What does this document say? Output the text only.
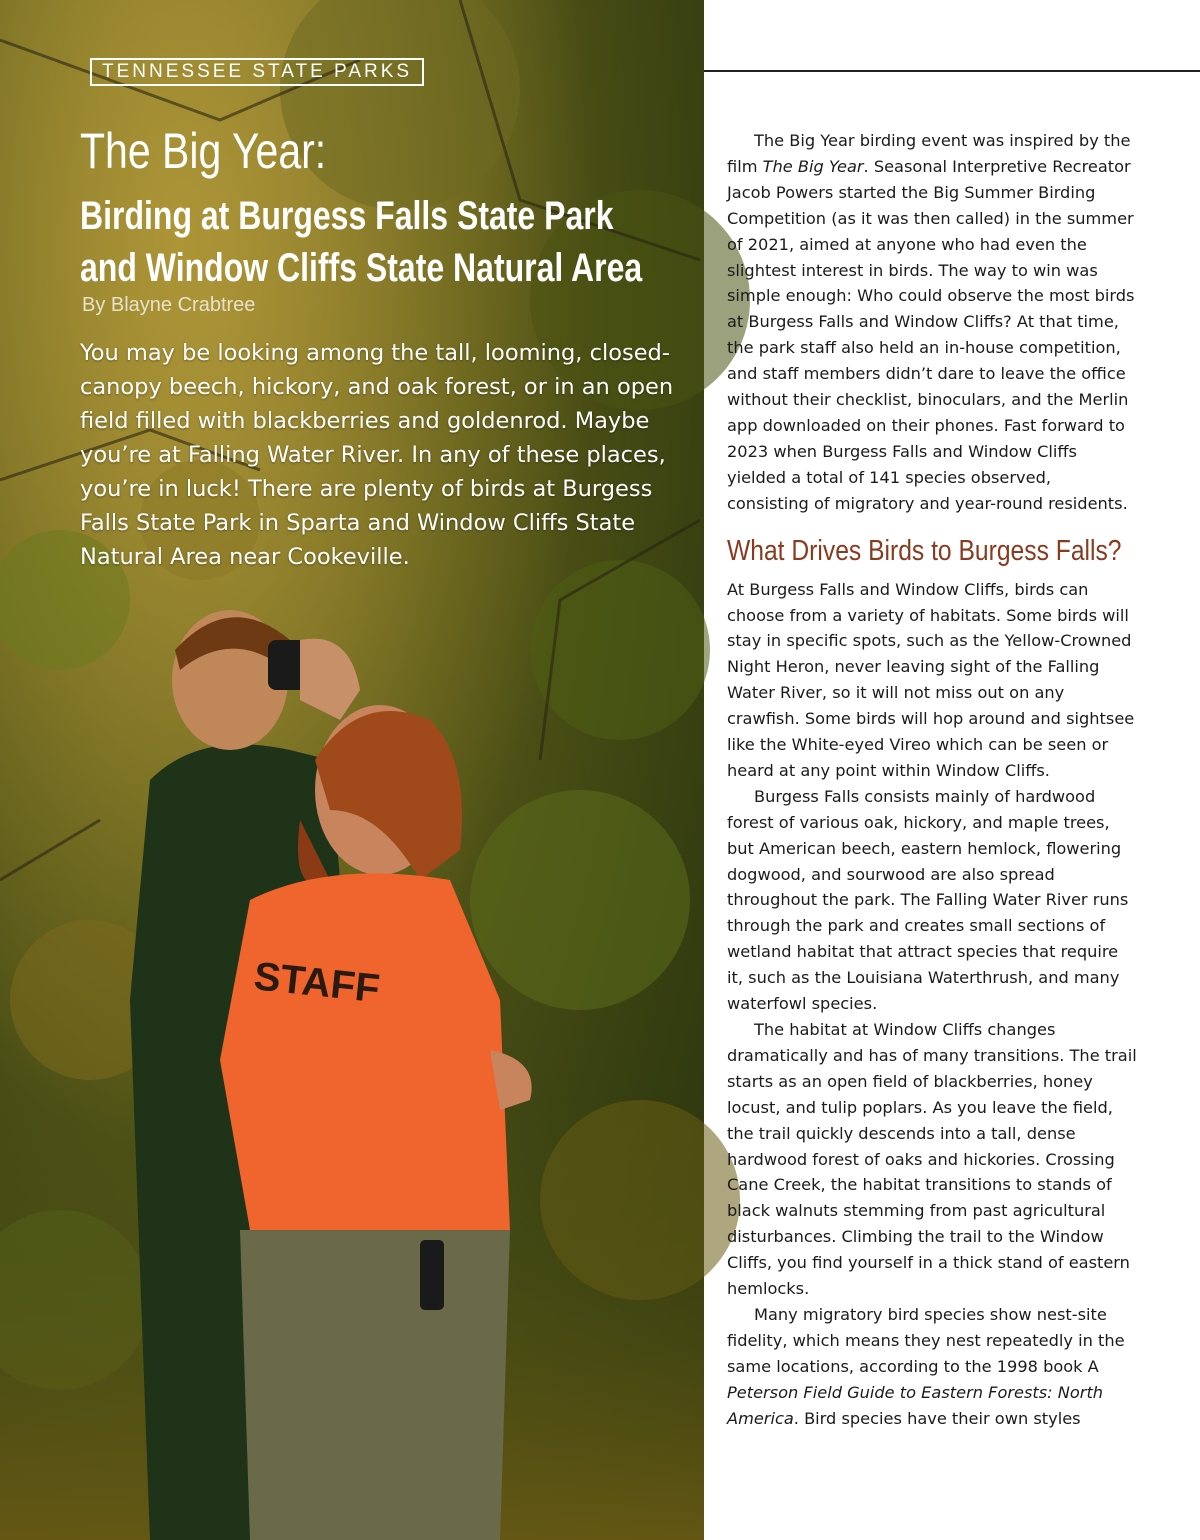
TENNESSEE STATE PARKS
The Big Year:
Birding at Burgess Falls State Park
and Window Cliffs State Natural Area
By Blayne Crabtree

You may be looking among the tall, looming, closed-canopy beech, hickory, and oak forest, or in an open field filled with blackberries and goldenrod. Maybe you’re at Falling Water River. In any of these places, you’re in luck! There are plenty of birds at Burgess Falls State Park in Sparta and Window Cliffs State Natural Area near Cookeville.

STAFF

The Big Year birding event was inspired by the film The Big Year. Seasonal Interpretive Recreator Jacob Powers started the Big Summer Birding Competition (as it was then called) in the summer of 2021, aimed at anyone who had even the slightest interest in birds. The way to win was simple enough: Who could observe the most birds at Burgess Falls and Window Cliffs? At that time, the park staff also held an in-house competition, and staff members didn’t dare to leave the office without their checklist, binoculars, and the Merlin app downloaded on their phones. Fast forward to 2023 when Burgess Falls and Window Cliffs yielded a total of 141 species observed, consisting of migratory and year-round residents.

What Drives Birds to Burgess Falls?

At Burgess Falls and Window Cliffs, birds can choose from a variety of habitats. Some birds will stay in specific spots, such as the Yellow-Crowned Night Heron, never leaving sight of the Falling Water River, so it will not miss out on any crawfish. Some birds will hop around and sightsee like the White-eyed Vireo which can be seen or heard at any point within Window Cliffs.

Burgess Falls consists mainly of hardwood forest of various oak, hickory, and maple trees, but American beech, eastern hemlock, flowering dogwood, and sourwood are also spread throughout the park. The Falling Water River runs through the park and creates small sections of wetland habitat that attract species that require it, such as the Louisiana Waterthrush, and many waterfowl species.

The habitat at Window Cliffs changes dramatically and has of many transitions. The trail starts as an open field of blackberries, honey locust, and tulip poplars. As you leave the field, the trail quickly descends into a tall, dense hardwood forest of oaks and hickories. Crossing Cane Creek, the habitat transitions to stands of black walnuts stemming from past agricultural disturbances. Climbing the trail to the Window Cliffs, you find yourself in a thick stand of eastern hemlocks.

Many migratory bird species show nest-site fidelity, which means they nest repeatedly in the same locations, according to the 1998 book A Peterson Field Guide to Eastern Forests: North America. Bird species have their own styles
